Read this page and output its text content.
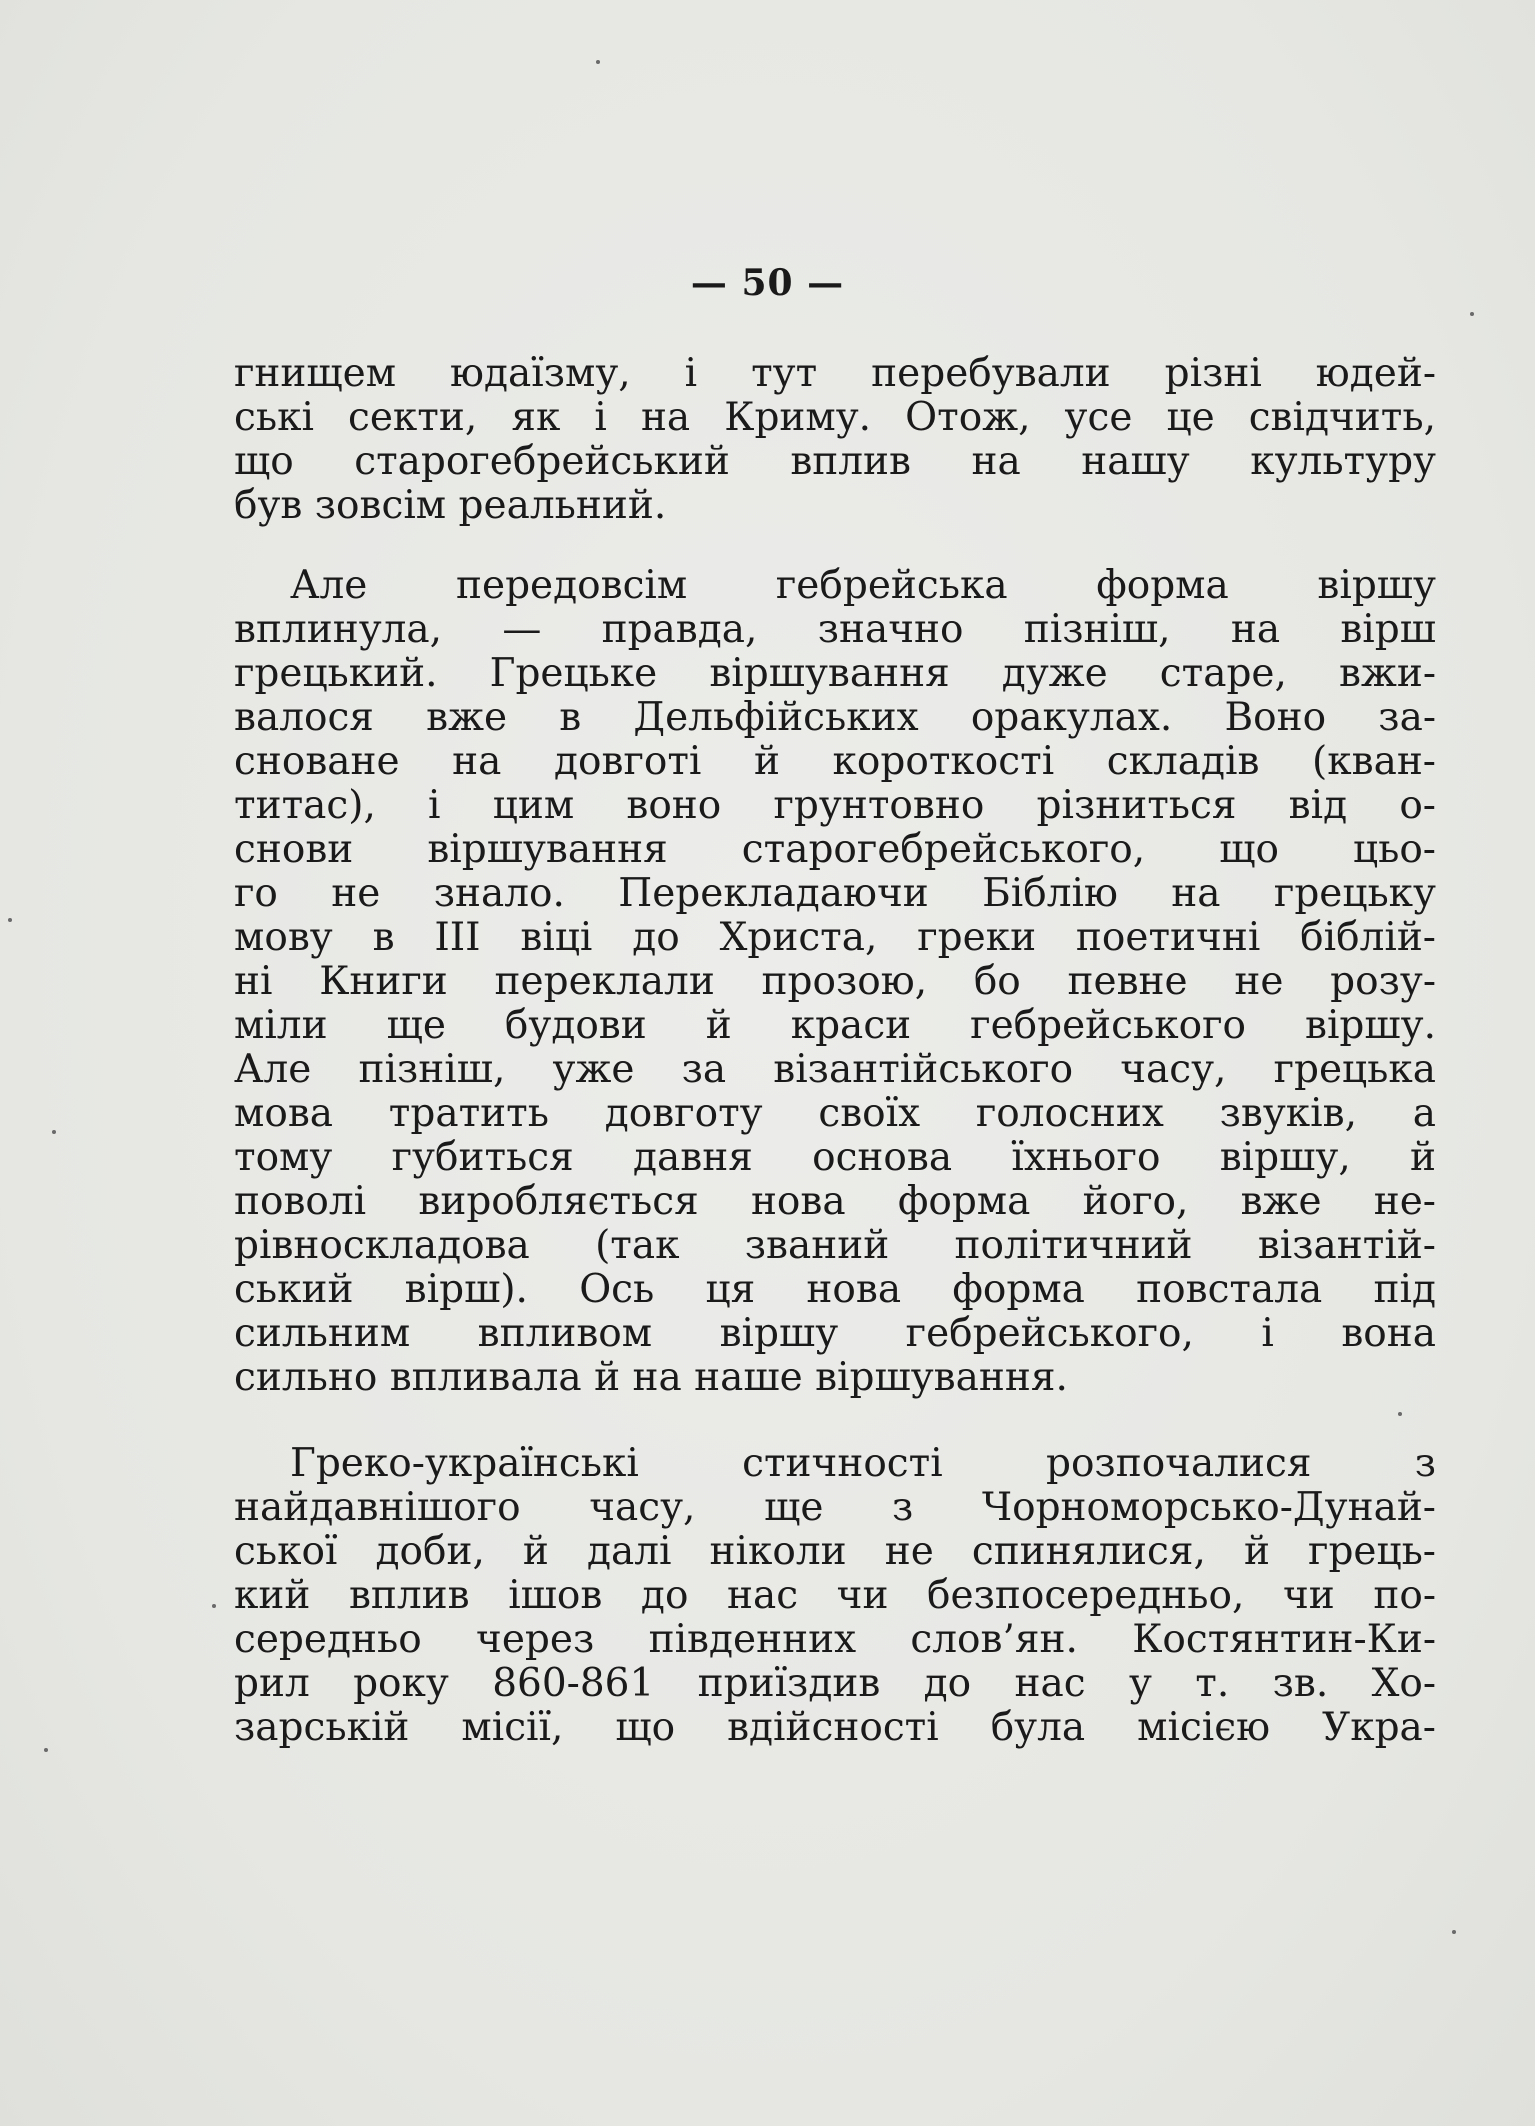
— 50 —
гнищем юдаїзму, і тут перебували різні юдей-
ські секти, як і на Криму. Отож, усе це свідчить,
що старогебрейський вплив на нашу культуру
був зовсім реальний.
Але передовсім гебрейська форма віршу
вплинула, — правда, значно пізніш, на вірш
грецький. Грецьке віршування дуже старе, вжи-
валося вже в Дельфійських оракулах. Воно за-
сноване на довготі й короткості складів (кван-
титас), і цим воно грунтовно різниться від о-
снови віршування старогебрейського, що цьо-
го не знало. Перекладаючи Біблію на грецьку
мову в III віці до Христа, греки поетичні біблій-
ні Книги переклали прозою, бо певне не розу-
міли ще будови й краси гебрейського віршу.
Але пізніш, уже за візантійського часу, грецька
мова тратить довготу своїх голосних звуків, а
тому губиться давня основа їхнього віршу, й
поволі виробляється нова форма його, вже не-
рівноскладова (так званий політичний візантій-
ський вірш). Ось ця нова форма повстала під
сильним впливом віршу гебрейського, і вона
сильно впливала й на наше віршування.
Греко-українські стичності розпочалися з
найдавнішого часу, ще з Чорноморсько-Дунай-
ської доби, й далі ніколи не спинялися, й грець-
кий вплив ішов до нас чи безпосередньо, чи по-
середньо через південних слов’ян. Костянтин-Ки-
рил року 860-861 приїздив до нас у т. зв. Хо-
зарській місії, що вдійсності була місією Укра-
